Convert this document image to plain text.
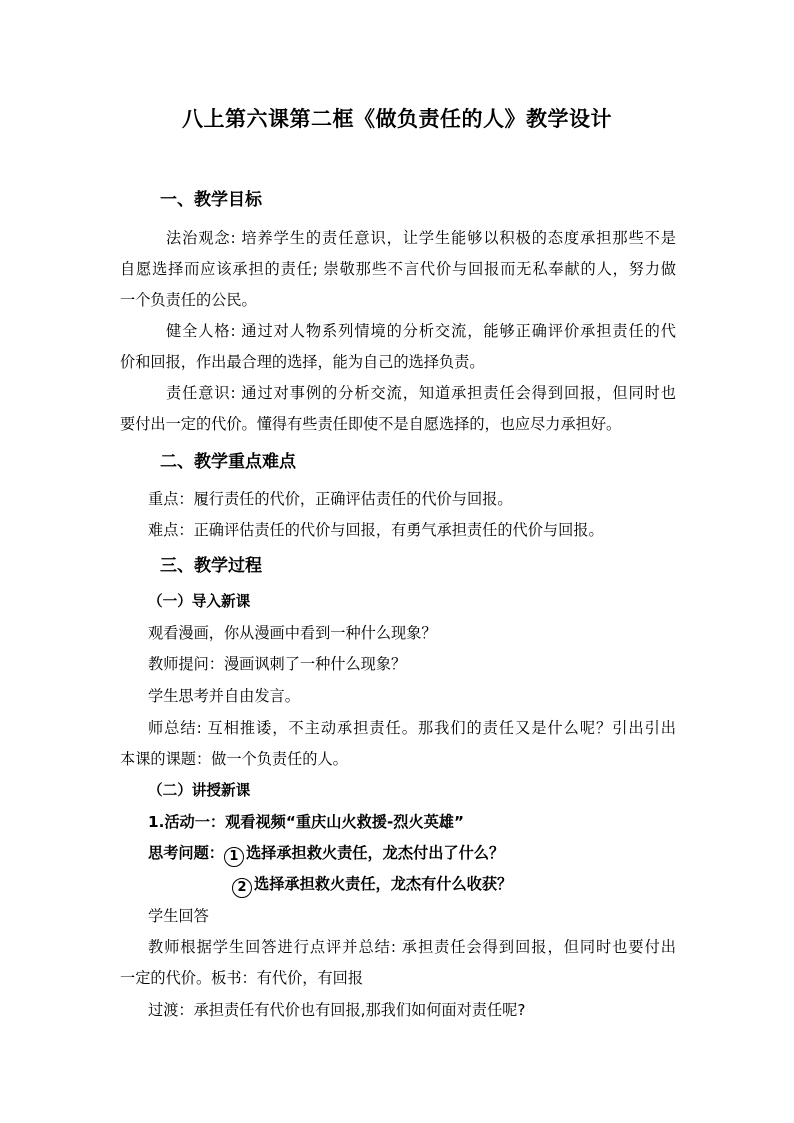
八上第六课第二框《做负责任的人》教学设计
一、教学目标
法治观念: 培养学生的责任意识，让学生能够以积极的态度承担那些不是
自愿选择而应该承担的责任; 崇敬那些不言代价与回报而无私奉献的人，努力做
一个负责任的公民。
健全人格: 通过对人物系列情境的分析交流，能够正确评价承担责任的代
价和回报，作出最合理的选择，能为自己的选择负责。
责任意识: 通过对事例的分析交流，知道承担责任会得到回报，但同时也
要付出一定的代价。懂得有些责任即使不是自愿选择的，也应尽力承担好。
二、教学重点难点
重点：履行责任的代价，正确评估责任的代价与回报。
难点：正确评估责任的代价与回报，有勇气承担责任的代价与回报。
三、教学过程
（一）导入新课
观看漫画，你从漫画中看到一种什么现象？
教师提问：漫画讽刺了一种什么现象？
学生思考并自由发言。
师总结: 互相推诿，不主动承担责任。那我们的责任又是什么呢？引出引出
本课的课题：做一个负责任的人。
（二）讲授新课
1.活动一：观看视频“重庆山火救援-烈火英雄”
思考问题： 1 选择承担救火责任，龙杰付出了什么？
2 选择承担救火责任，龙杰有什么收获？
学生回答
教师根据学生回答进行点评并总结: 承担责任会得到回报，但同时也要付出
一定的代价。板书：有代价，有回报
过渡：承担责任有代价也有回报,那我们如何面对责任呢?
